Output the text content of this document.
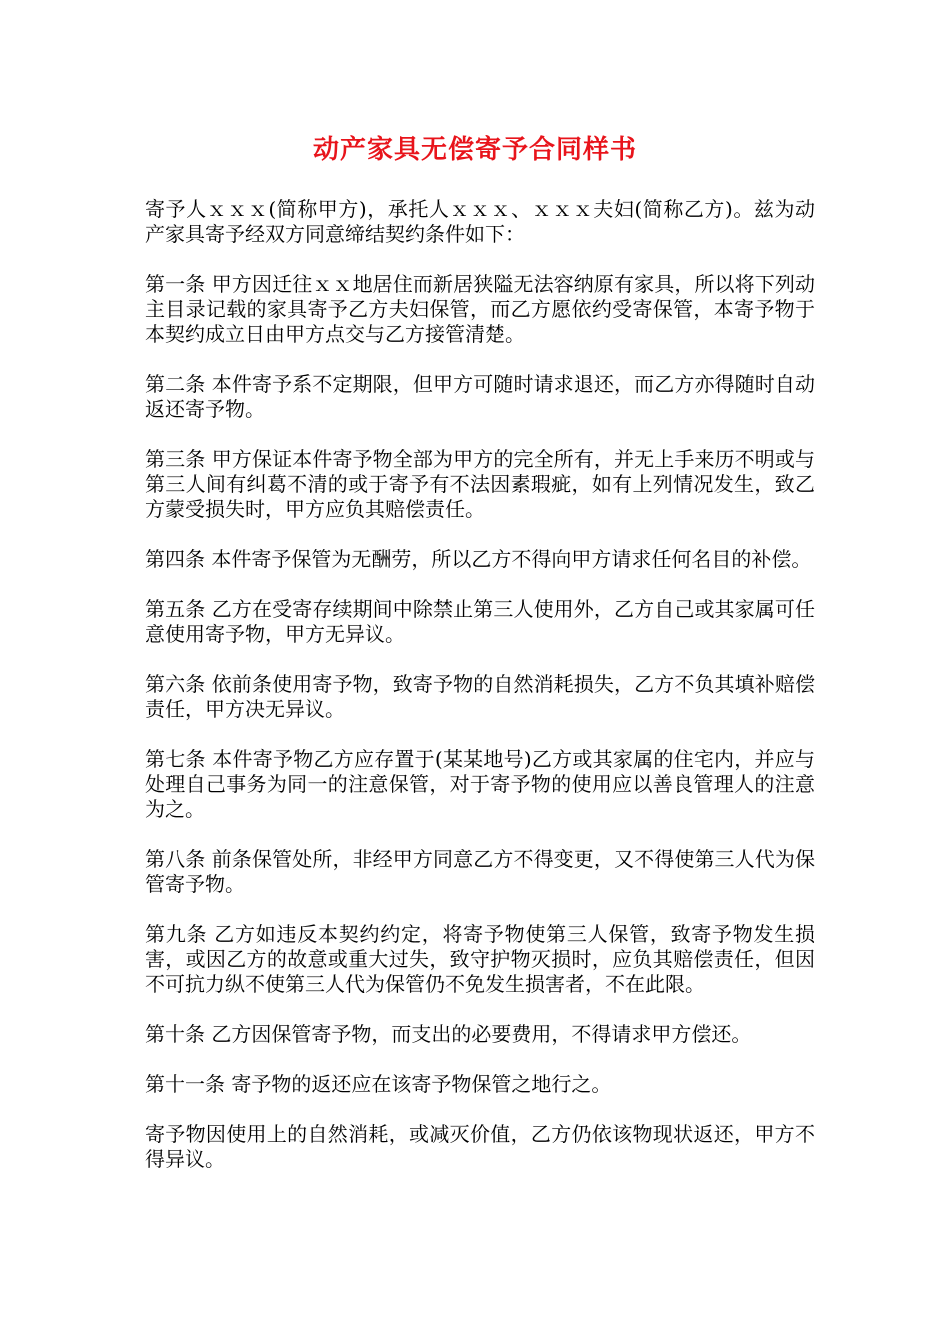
动产家具无偿寄予合同样书

寄予人ｘｘｘ(简称甲方)，承托人ｘｘｘ、ｘｘｘ夫妇(简称乙方)。兹为动产家具寄予经双方同意缔结契约条件如下：

第一条 甲方因迁往ｘｘ地居住而新居狭隘无法容纳原有家具，所以将下列动主目录记载的家具寄予乙方夫妇保管，而乙方愿依约受寄保管，本寄予物于本契约成立日由甲方点交与乙方接管清楚。

第二条 本件寄予系不定期限，但甲方可随时请求退还，而乙方亦得随时自动返还寄予物。

第三条 甲方保证本件寄予物全部为甲方的完全所有，并无上手来历不明或与第三人间有纠葛不清的或于寄予有不法因素瑕疵，如有上列情况发生，致乙方蒙受损失时，甲方应负其赔偿责任。

第四条 本件寄予保管为无酬劳，所以乙方不得向甲方请求任何名目的补偿。

第五条 乙方在受寄存续期间中除禁止第三人使用外，乙方自己或其家属可任意使用寄予物，甲方无异议。

第六条 依前条使用寄予物，致寄予物的自然消耗损失，乙方不负其填补赔偿责任，甲方决无异议。

第七条 本件寄予物乙方应存置于(某某地号)乙方或其家属的住宅内，并应与处理自己事务为同一的注意保管，对于寄予物的使用应以善良管理人的注意为之。

第八条 前条保管处所，非经甲方同意乙方不得变更，又不得使第三人代为保管寄予物。

第九条 乙方如违反本契约约定，将寄予物使第三人保管，致寄予物发生损害，或因乙方的故意或重大过失，致守护物灭损时，应负其赔偿责任，但因不可抗力纵不使第三人代为保管仍不免发生损害者，不在此限。

第十条 乙方因保管寄予物，而支出的必要费用，不得请求甲方偿还。

第十一条 寄予物的返还应在该寄予物保管之地行之。

寄予物因使用上的自然消耗，或减灭价值，乙方仍依该物现状返还，甲方不得异议。
